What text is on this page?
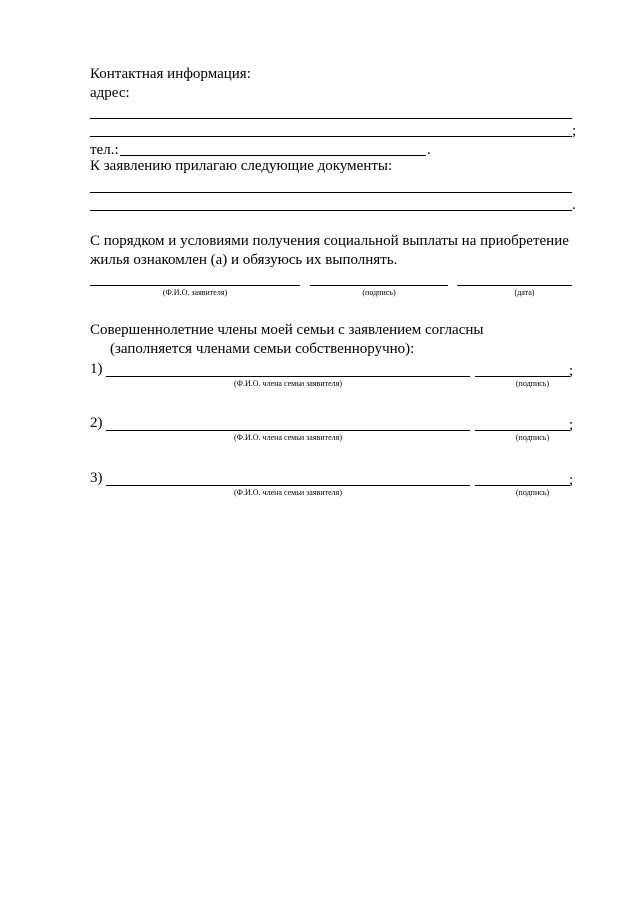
Контактная информация:
адрес:
;
тел.:	.
К заявлению прилагаю следующие документы:
.
С порядком и условиями получения социальной выплаты на приобретение
жилья ознакомлен (а) и обязуюсь их выполнять.
(Ф.И.О. заявителя)	(подпись)	(дата)
Совершеннолетние члены моей семьи с заявлением согласны
(заполняется членами семьи собственноручно):
1)	;
(Ф.И.О. члена семьи заявителя)	(подпись)
2)	;
(Ф.И.О. члена семьи заявителя)	(подпись)
3)	;
(Ф.И.О. члена семьи заявителя)	(подпись)
